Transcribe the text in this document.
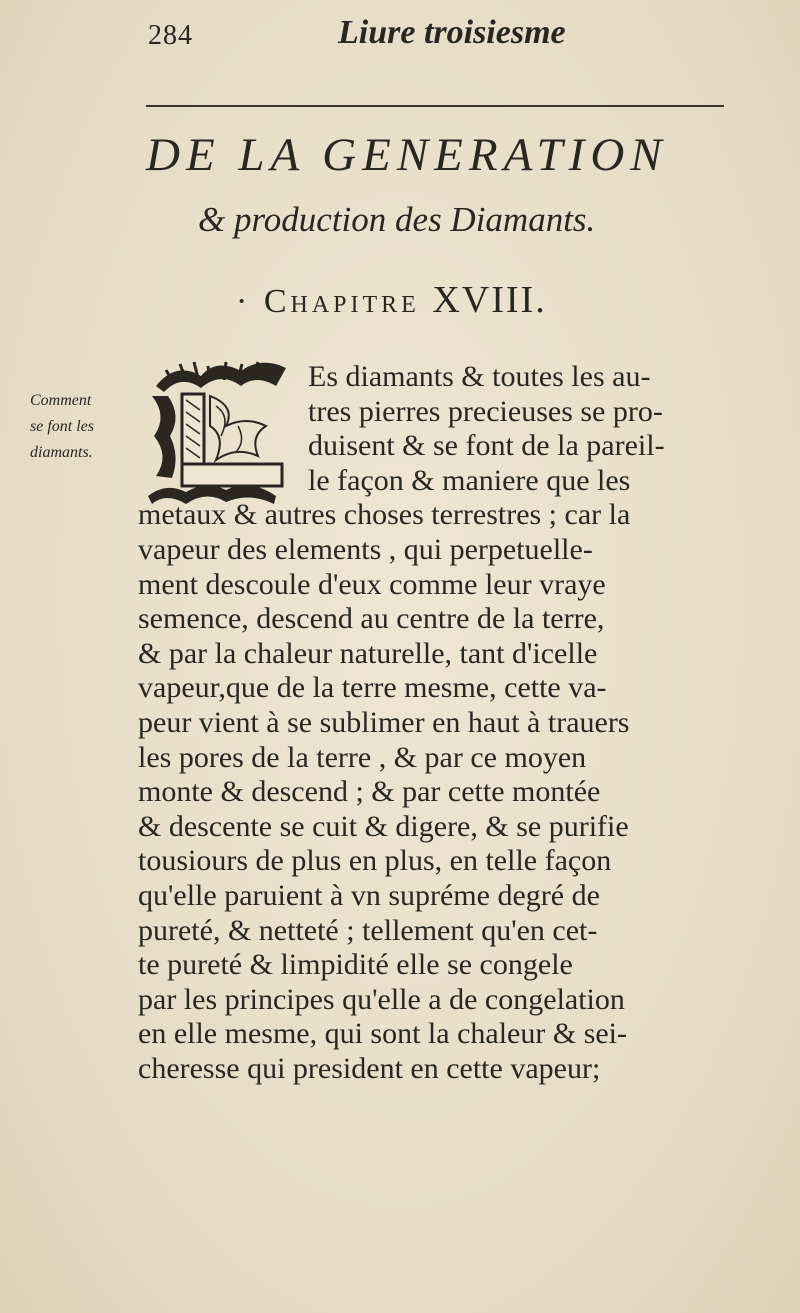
284	Liure troisiesme
DE LA GENERATION
& production des Diamants.
· Chapitre XVIII.
Comment
se font les
diamants.
Es diamants & toutes les au-
tres pierres precieuses se pro-
duisent & se font de la pareil-
le façon & maniere que les
metaux & autres choses terrestres ; car la
vapeur des elements , qui perpetuelle-
ment descoule d'eux comme leur vraye
semence, descend au centre de la terre,
& par la chaleur naturelle, tant d'icelle
vapeur,que de la terre mesme, cette va-
peur vient à se sublimer en haut à trauers
les pores de la terre , & par ce moyen
monte & descend ; & par cette montée
& descente se cuit & digere, & se purifie
tousiours de plus en plus, en telle façon
qu'elle paruient à vn supréme degré de
pureté, & netteté ; tellement qu'en cet-
te pureté & limpidité elle se congele
par les principes qu'elle a de congelation
en elle mesme, qui sont la chaleur & sei-
cheresse qui president en cette vapeur;
